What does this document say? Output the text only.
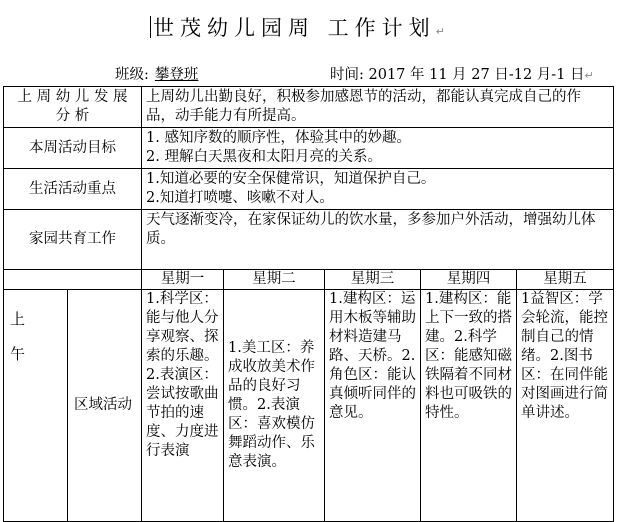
世茂幼儿园周 工作计划↵
班级: 攀登班	时间: 2017 年 11 月 27 日-12 月-1 日↵
上 周 幼 儿 发 展 分 析		上周幼儿出勤良好，积极参加感恩节的活动，都能认真完成自己的作品，动手能力有所提高。				
本周活动目标		1. 感知序数的顺序性，体验其中的妙趣。
2. 理解白天黑夜和太阳月亮的关系。				

生活活动重点		1.知道必要的安全保健常识，知道保护自己。
2.知道打喷嚏、咳嗽不对人。				

家园共育工作		天气逐渐变冷，在家保证幼儿的饮水量，多参加户外活动，增强幼儿体质。				
		星期一	星期二	星期三	星期四	星期五

上
午	区域活动	1.科学区：能与他人分享观察、探索的乐趣。2.表演区：尝试按歌曲节拍的速度、力度进行表演	1.美工区：养成收放美术作品的良好习惯。2.表演区：喜欢模仿舞蹈动作、乐意表演。	1.建构区：运用木板等辅助材料造建马路、天桥。2.角色区：能认真倾听同伴的意见。	1.建构区：能上下一致的搭建。2.科学区：能感知磁铁隔着不同材料也可吸铁的特性。	1益智区：学会轮流，能控制自己的情绪。2.图书区：在同伴能对图画进行简单讲述。
